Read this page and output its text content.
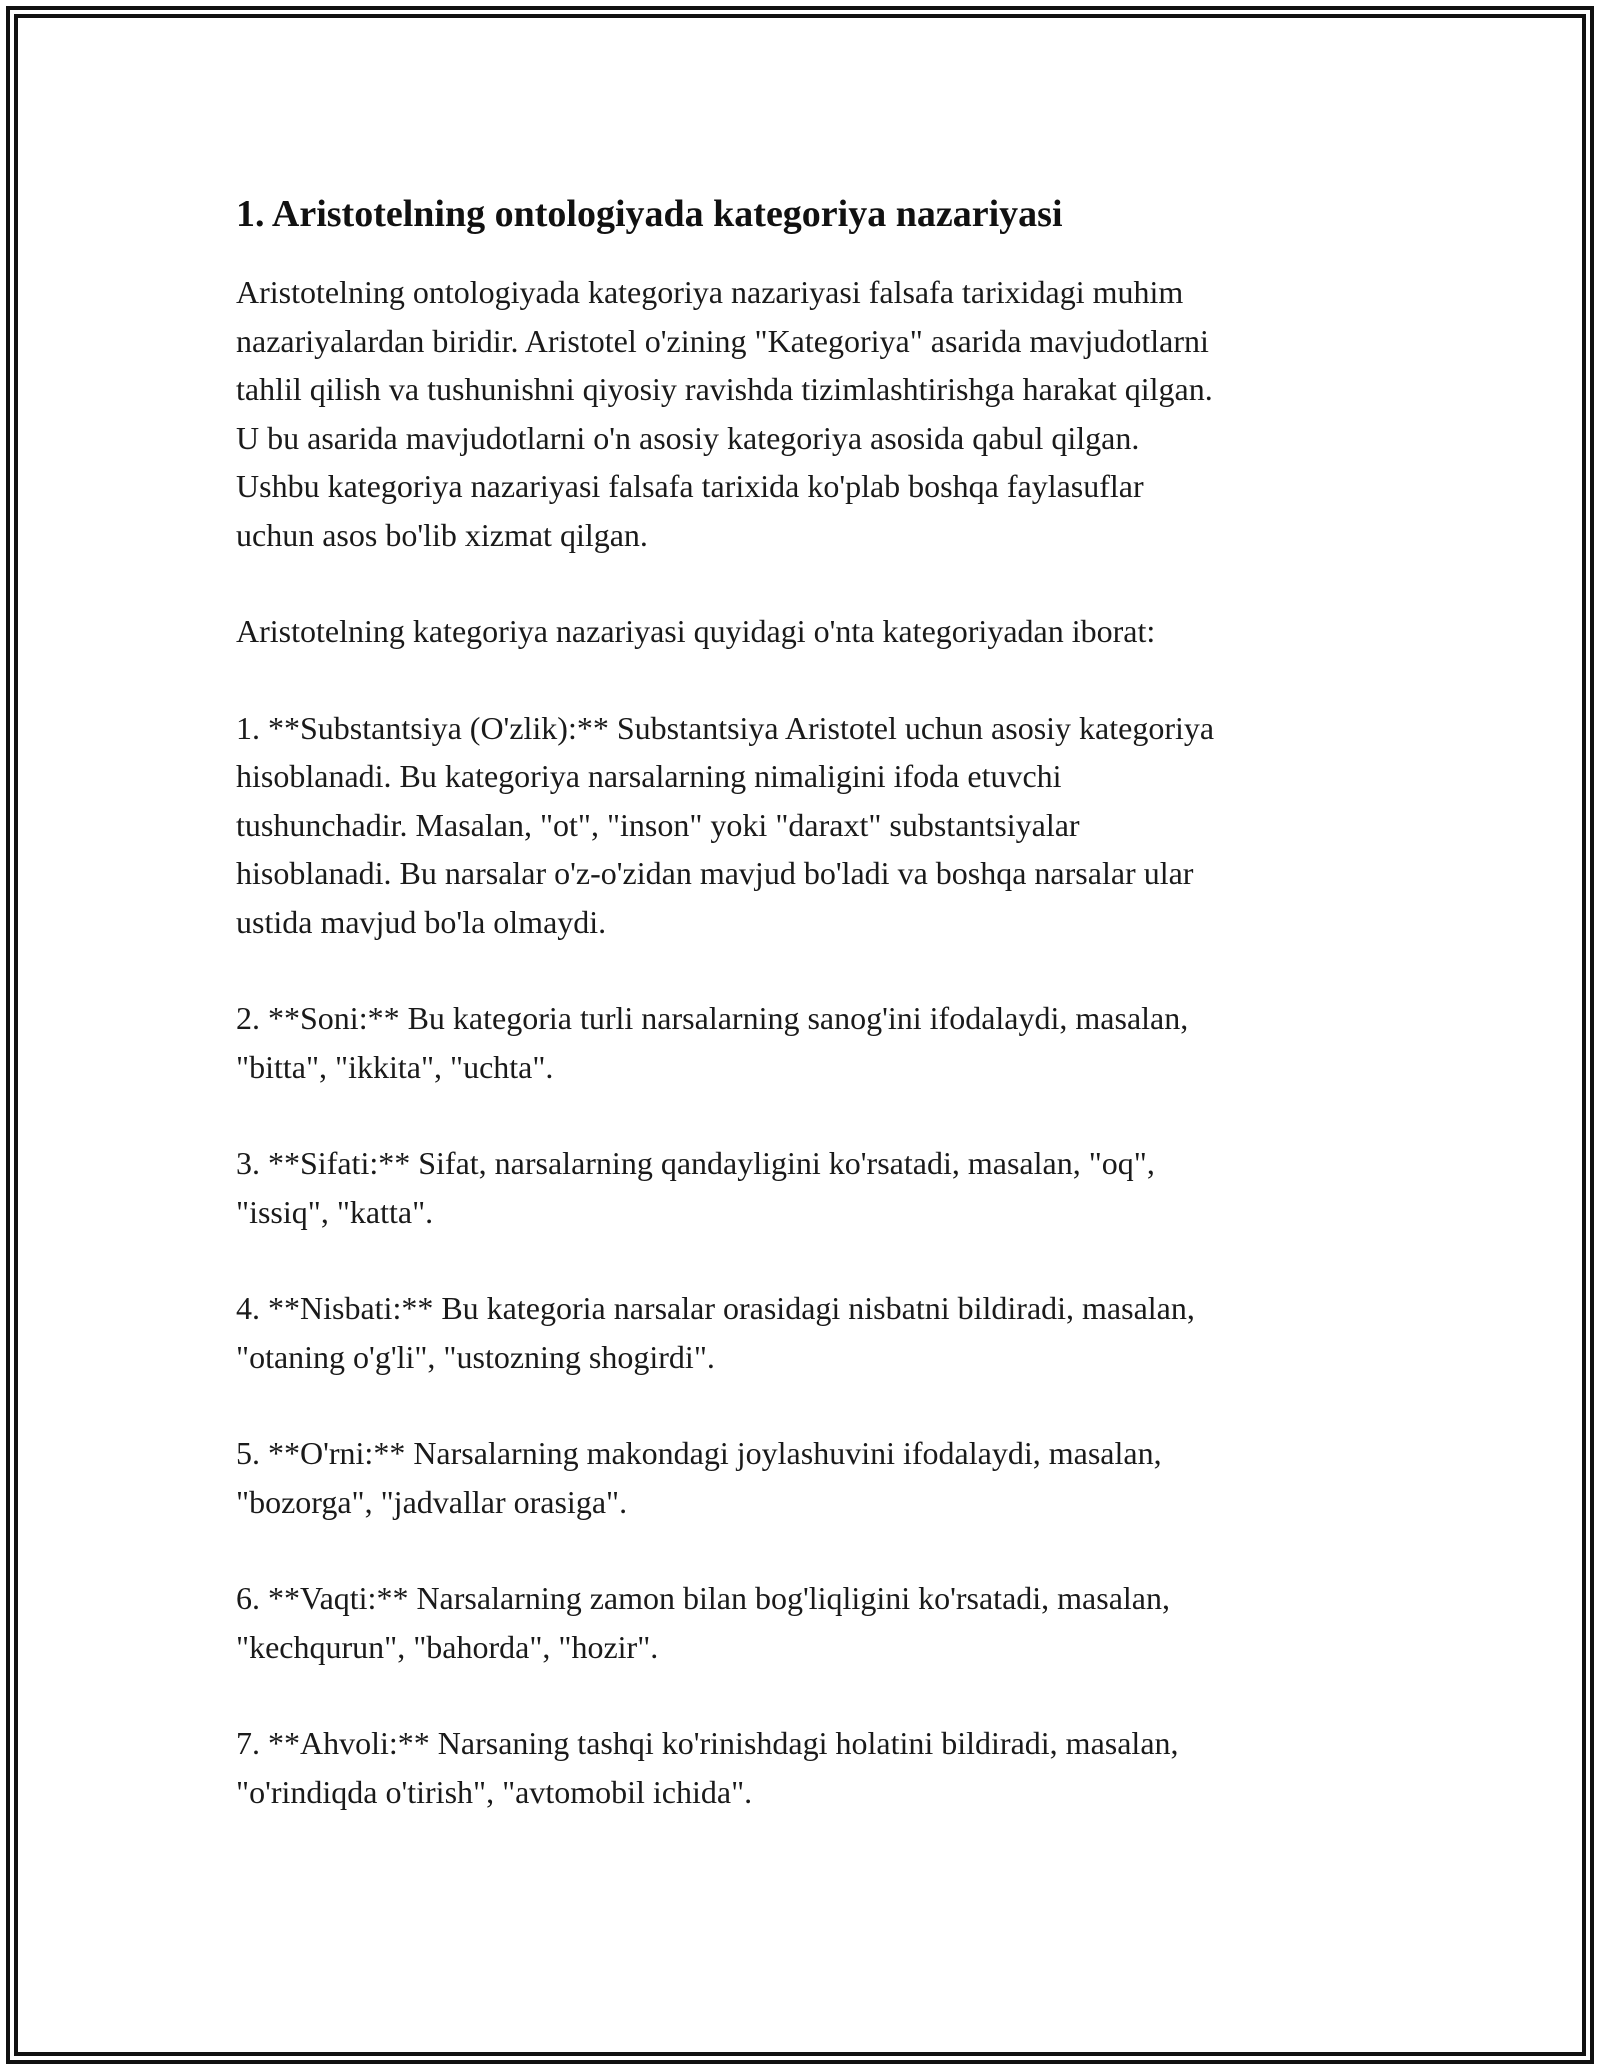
1. Aristotelning ontologiyada kategoriya nazariyasi

Aristotelning ontologiyada kategoriya nazariyasi falsafa tarixidagi muhim
nazariyalardan biridir. Aristotel o'zining "Kategoriya" asarida mavjudotlarni
tahlil qilish va tushunishni qiyosiy ravishda tizimlashtirishga harakat qilgan.
U bu asarida mavjudotlarni o'n asosiy kategoriya asosida qabul qilgan.
Ushbu kategoriya nazariyasi falsafa tarixida ko'plab boshqa faylasuflar
uchun asos bo'lib xizmat qilgan.

Aristotelning kategoriya nazariyasi quyidagi o'nta kategoriyadan iborat:

1. **Substantsiya (O'zlik):** Substantsiya Aristotel uchun asosiy kategoriya
hisoblanadi. Bu kategoriya narsalarning nimaligini ifoda etuvchi
tushunchadir. Masalan, "ot", "inson" yoki "daraxt" substantsiyalar
hisoblanadi. Bu narsalar o'z-o'zidan mavjud bo'ladi va boshqa narsalar ular
ustida mavjud bo'la olmaydi.

2. **Soni:** Bu kategoria turli narsalarning sanog'ini ifodalaydi, masalan,
"bitta", "ikkita", "uchta".

3. **Sifati:** Sifat, narsalarning qandayligini ko'rsatadi, masalan, "oq",
"issiq", "katta".

4. **Nisbati:** Bu kategoria narsalar orasidagi nisbatni bildiradi, masalan,
"otaning o'g'li", "ustozning shogirdi".

5. **O'rni:** Narsalarning makondagi joylashuvini ifodalaydi, masalan,
"bozorga", "jadvallar orasiga".

6. **Vaqti:** Narsalarning zamon bilan bog'liqligini ko'rsatadi, masalan,
"kechqurun", "bahorda", "hozir".

7. **Ahvoli:** Narsaning tashqi ko'rinishdagi holatini bildiradi, masalan,
"o'rindiqda o'tirish", "avtomobil ichida".
